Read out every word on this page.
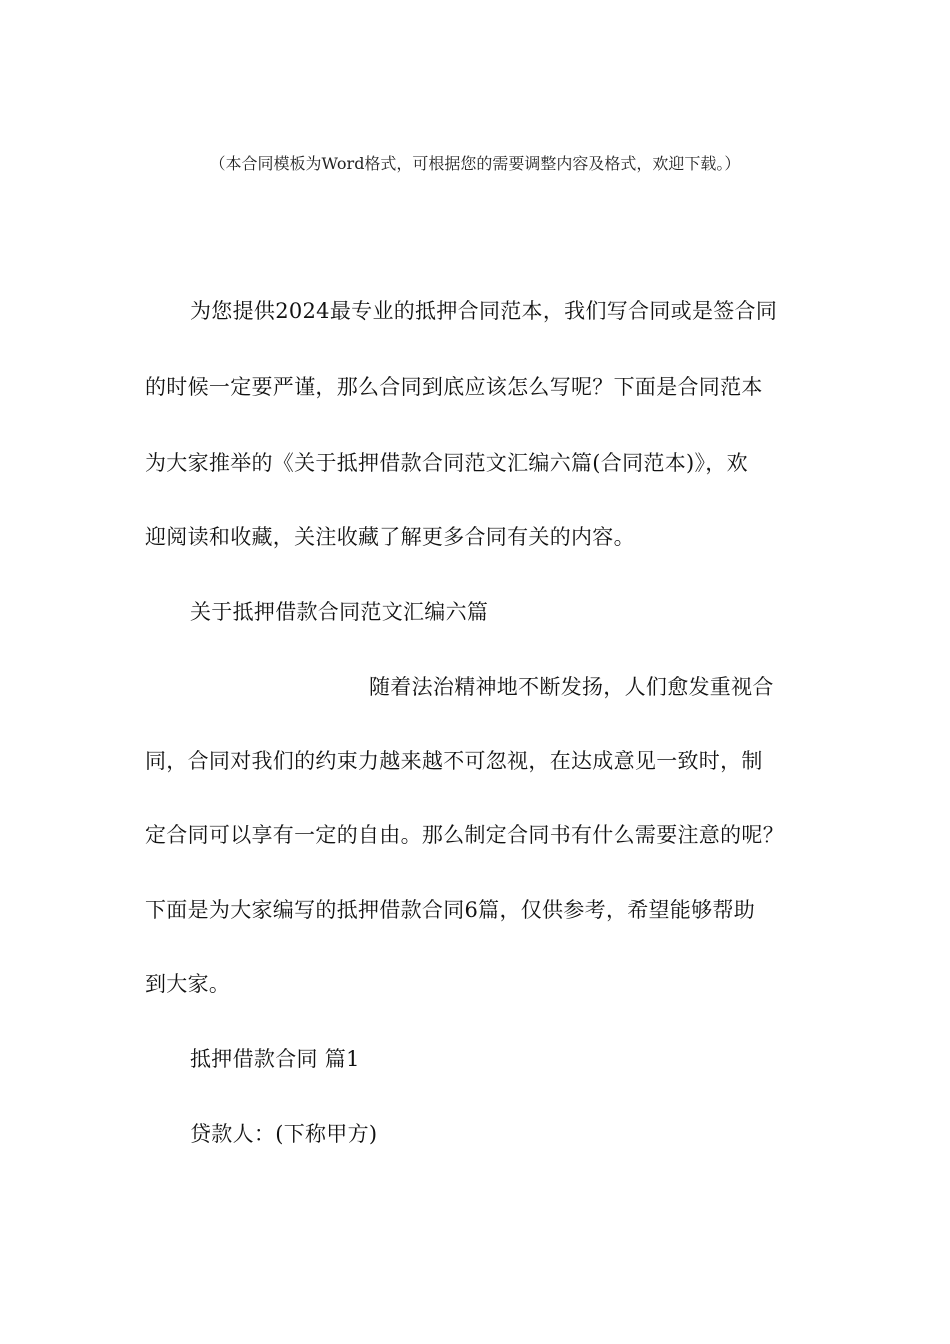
（本合同模板为Word格式，可根据您的需要调整内容及格式，欢迎下载。）
为您提供2024最专业的抵押合同范本，我们写合同或是签合同
的时候一定要严谨，那么合同到底应该怎么写呢？下面是合同范本
为大家推举的《关于抵押借款合同范文汇编六篇(合同范本)》，欢
迎阅读和收藏，关注收藏了解更多合同有关的内容。
关于抵押借款合同范文汇编六篇
随着法治精神地不断发扬，人们愈发重视合
同，合同对我们的约束力越来越不可忽视，在达成意见一致时，制
定合同可以享有一定的自由。那么制定合同书有什么需要注意的呢？
下面是为大家编写的抵押借款合同6篇，仅供参考，希望能够帮助
到大家。
抵押借款合同 篇1
贷款人：(下称甲方)
